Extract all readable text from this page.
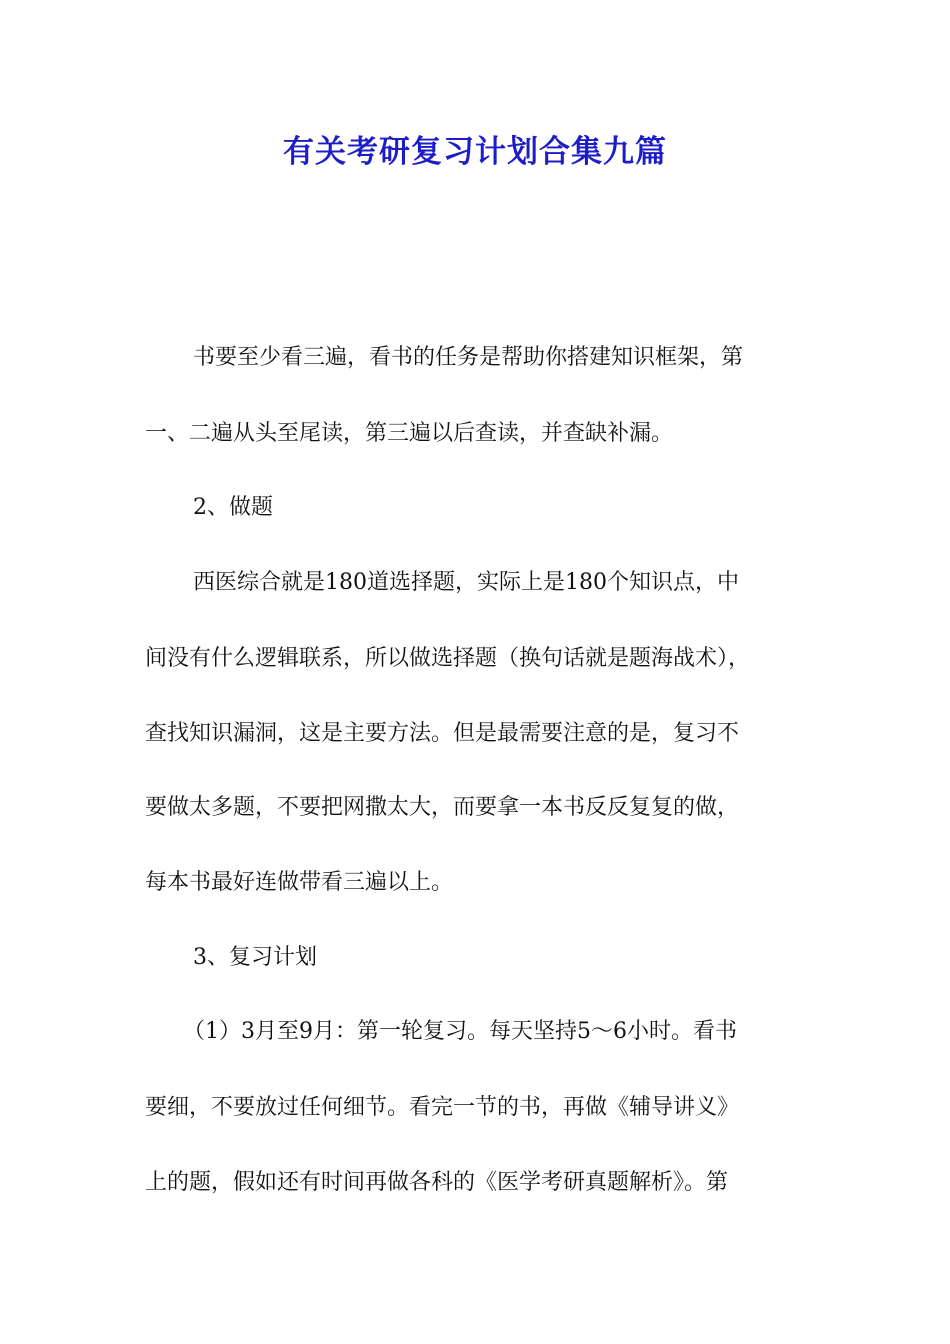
有关考研复习计划合集九篇

书要至少看三遍，看书的任务是帮助你搭建知识框架，第

一、二遍从头至尾读，第三遍以后查读，并查缺补漏。

2、做题

西医综合就是180道选择题，实际上是180个知识点，中

间没有什么逻辑联系，所以做选择题（换句话就是题海战术），

查找知识漏洞，这是主要方法。但是最需要注意的是，复习不

要做太多题，不要把网撒太大，而要拿一本书反反复复的做，

每本书最好连做带看三遍以上。

3、复习计划

（1）3月至9月：第一轮复习。每天坚持5～6小时。看书

要细，不要放过任何细节。看完一节的书，再做《辅导讲义》

上的题，假如还有时间再做各科的《医学考研真题解析》。第
